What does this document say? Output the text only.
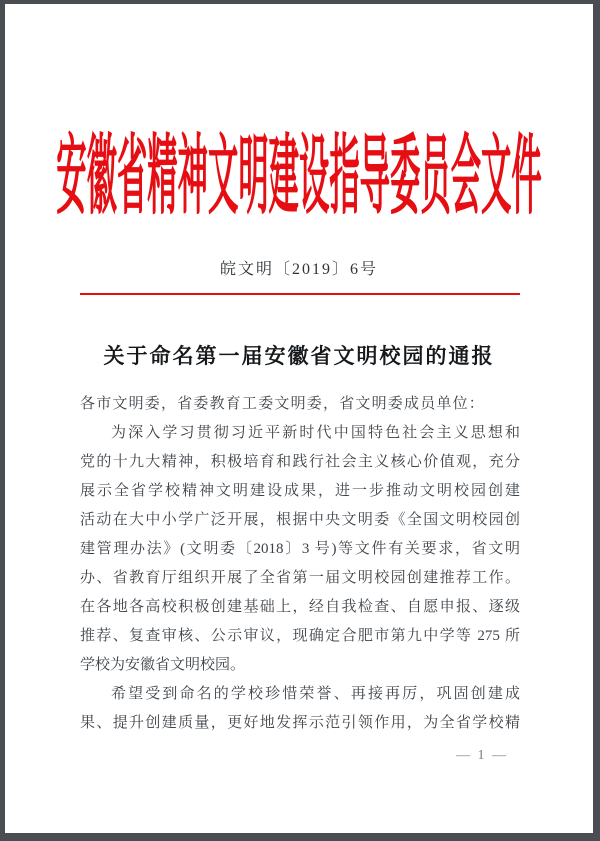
安徽省精神文明建设指导委员会文件
皖文明〔2019〕6号
关于命名第一届安徽省文明校园的通报
各市文明委，省委教育工委文明委，省文明委成员单位：
为深入学习贯彻习近平新时代中国特色社会主义思想和
党的十九大精神，积极培育和践行社会主义核心价值观，充分
展示全省学校精神文明建设成果，进一步推动文明校园创建
活动在大中小学广泛开展，根据中央文明委《全国文明校园创
建管理办法》(文明委〔2018〕3 号)等文件有关要求，省文明
办、省教育厅组织开展了全省第一届文明校园创建推荐工作。
在各地各高校积极创建基础上，经自我检查、自愿申报、逐级
推荐、复查审核、公示审议，现确定合肥市第九中学等 275 所
学校为安徽省文明校园。
希望受到命名的学校珍惜荣誉、再接再厉，巩固创建成
果、提升创建质量，更好地发挥示范引领作用，为全省学校精
— 1 —
